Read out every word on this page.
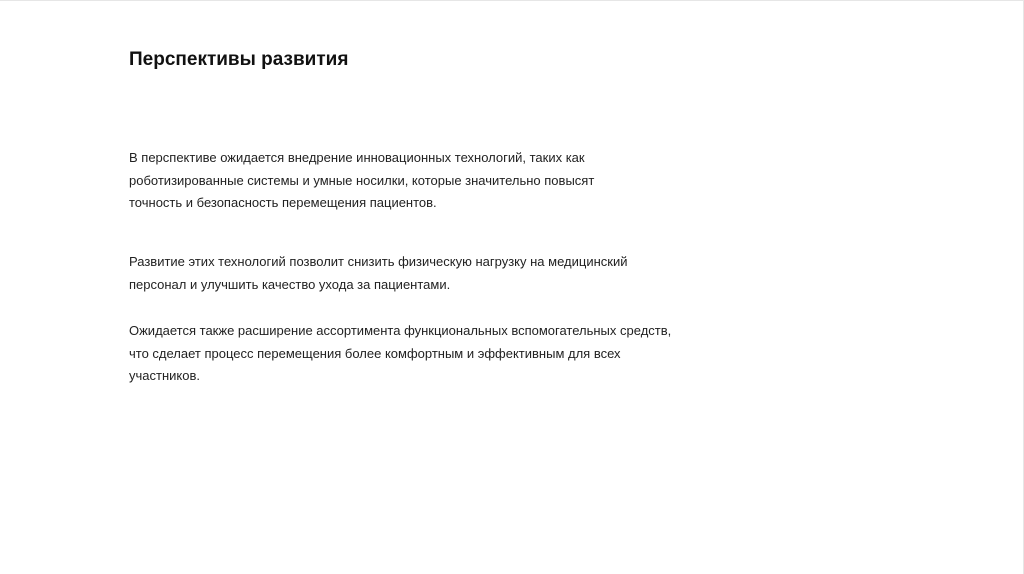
Перспективы развития

В перспективе ожидается внедрение инновационных технологий, таких как роботизированные системы и умные носилки, которые значительно повысят точность и безопасность перемещения пациентов.

Развитие этих технологий позволит снизить физическую нагрузку на медицинский персонал и улучшить качество ухода за пациентами.

Ожидается также расширение ассортимента функциональных вспомогательных средств, что сделает процесс перемещения более комфортным и эффективным для всех участников.
